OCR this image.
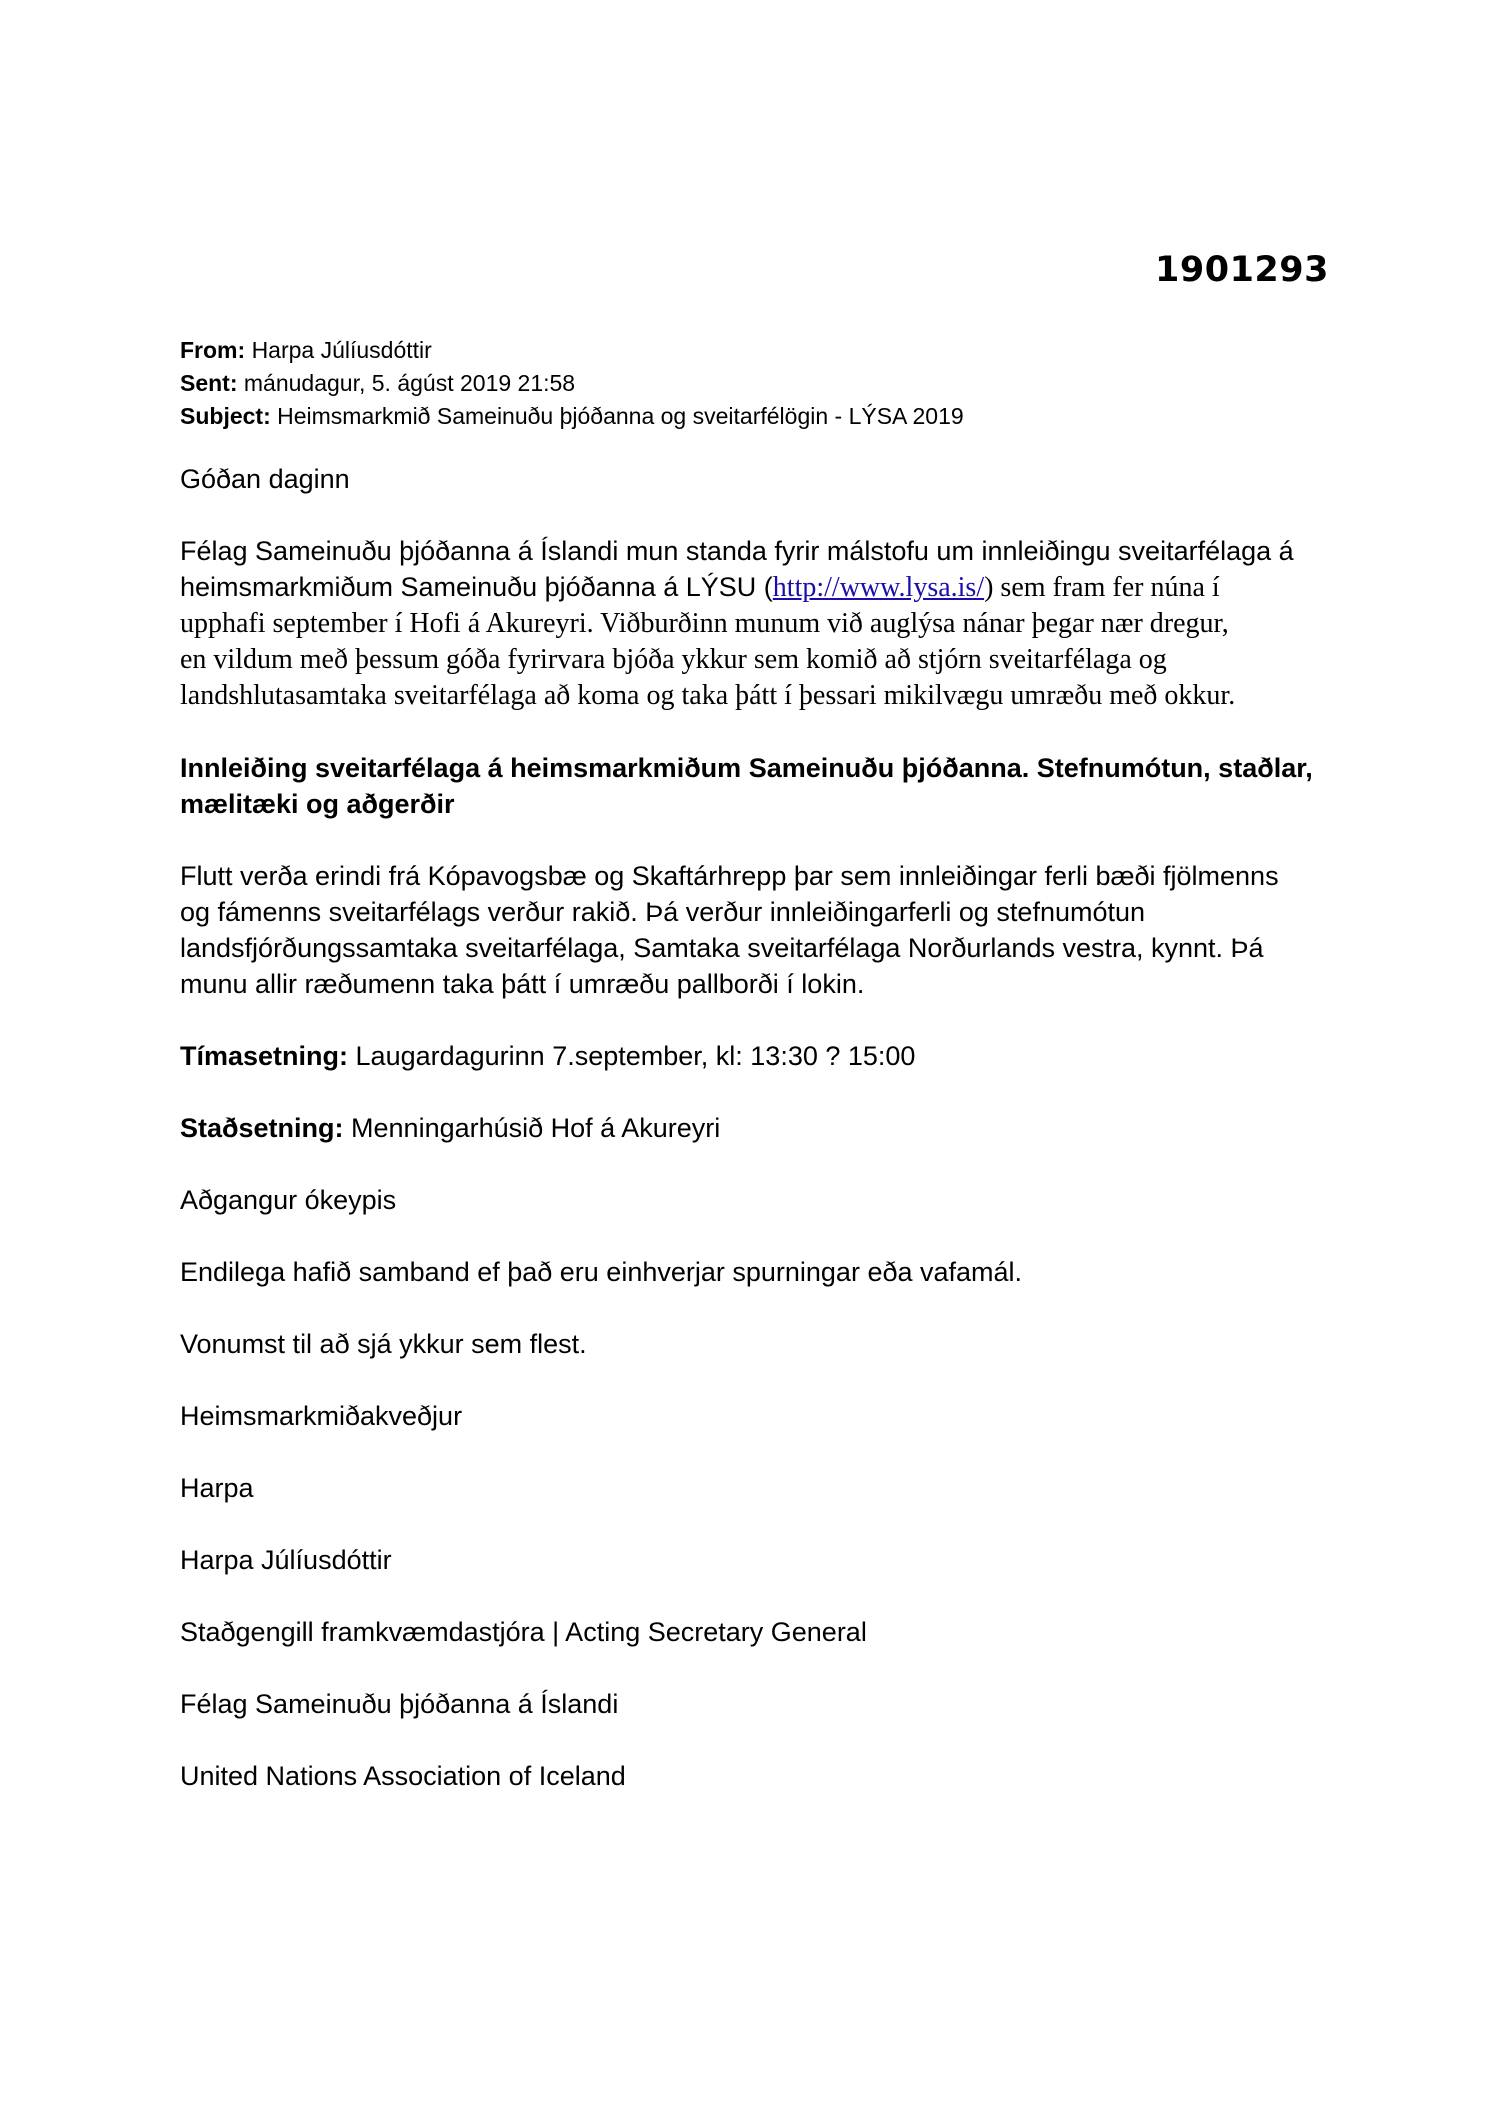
1901293

From: Harpa Júlíusdóttir

Sent: mánudagur, 5. ágúst 2019 21:58

Subject: Heimsmarkmið Sameinuðu þjóðanna og sveitarfélögin - LÝSA 2019

Góðan daginn

Félag Sameinuðu þjóðanna á Íslandi mun standa fyrir málstofu um innleiðingu sveitarfélaga á
heimsmarkmiðum Sameinuðu þjóðanna á LÝSU (http://www.lysa.is/) sem fram fer núna í
upphafi september í Hofi á Akureyri. Viðburðinn munum við auglýsa nánar þegar nær dregur,
en vildum með þessum góða fyrirvara bjóða ykkur sem komið að stjórn sveitarfélaga og
landshlutasamtaka sveitarfélaga að koma og taka þátt í þessari mikilvægu umræðu með okkur.

Innleiðing sveitarfélaga á heimsmarkmiðum Sameinuðu þjóðanna. Stefnumótun, staðlar,
mælitæki og aðgerðir

Flutt verða erindi frá Kópavogsbæ og Skaftárhrepp þar sem innleiðingar ferli bæði fjölmenns
og fámenns sveitarfélags verður rakið. Þá verður innleiðingarferli og stefnumótun
landsfjórðungssamtaka sveitarfélaga, Samtaka sveitarfélaga Norðurlands vestra, kynnt. Þá
munu allir ræðumenn taka þátt í umræðu pallborði í lokin.

Tímasetning: Laugardagurinn 7.september, kl: 13:30 ? 15:00

Staðsetning: Menningarhúsið Hof á Akureyri

Aðgangur ókeypis

Endilega hafið samband ef það eru einhverjar spurningar eða vafamál.

Vonumst til að sjá ykkur sem flest.

Heimsmarkmiðakveðjur

Harpa

Harpa Júlíusdóttir

Staðgengill framkvæmdastjóra | Acting Secretary General

Félag Sameinuðu þjóðanna á Íslandi

United Nations Association of Iceland
